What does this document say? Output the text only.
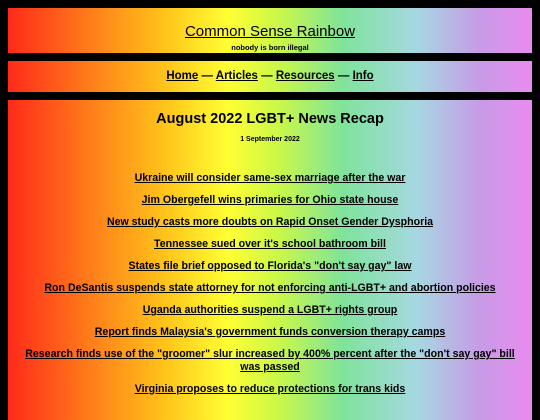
Common Sense Rainbow
nobody is born illegal
Home — Articles — Resources — Info
August 2022 LGBT+ News Recap
1 September 2022
Ukraine will consider same-sex marriage after the war
Jim Obergefell wins primaries for Ohio state house
New study casts more doubts on Rapid Onset Gender Dysphoria
Tennessee sued over it's school bathroom bill
States file brief opposed to Florida's "don't say gay" law
Ron DeSantis suspends state attorney for not enforcing anti-LGBT+ and abortion policies
Uganda authorities suspend a LGBT+ rights group
Report finds Malaysia's government funds conversion therapy camps
Research finds use of the "groomer" slur increased by 400% percent after the "don't say gay" bill was passed
Virginia proposes to reduce protections for trans kids
